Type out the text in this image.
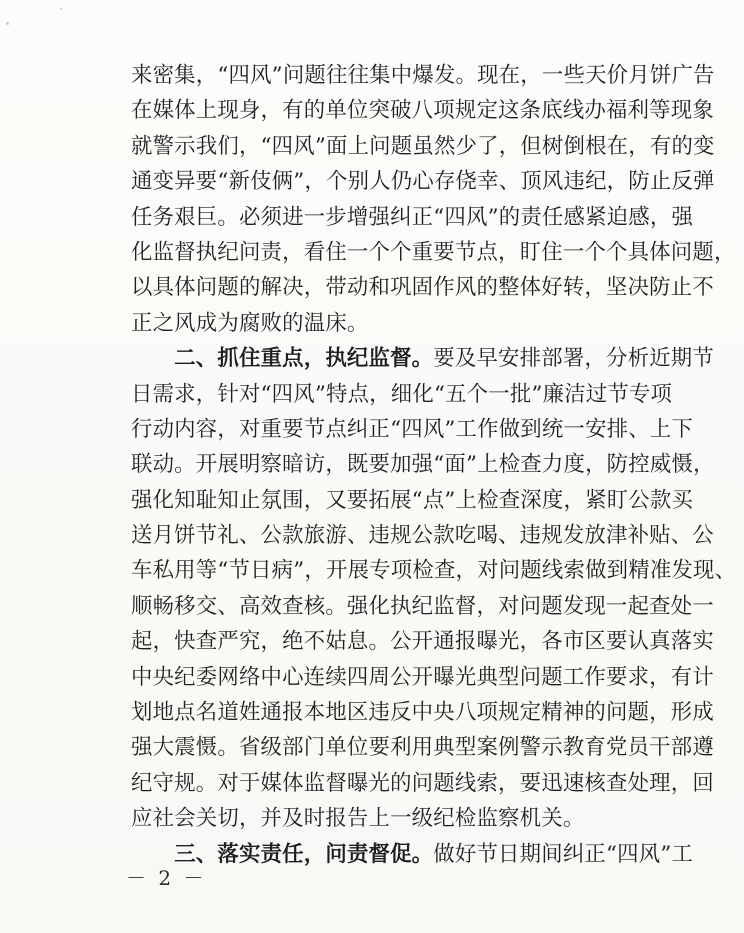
来密集，“四风”问题往往集中爆发。现在，一些天价月饼广告
在媒体上现身，有的单位突破八项规定这条底线办福利等现象
就警示我们，“四风”面上问题虽然少了，但树倒根在，有的变
通变异要“新伎俩”，个别人仍心存侥幸、顶风违纪，防止反弹
任务艰巨。必须进一步增强纠正“四风”的责任感紧迫感，强
化监督执纪问责，看住一个个重要节点，盯住一个个具体问题，
以具体问题的解决，带动和巩固作风的整体好转，坚决防止不
正之风成为腐败的温床。
　　二、抓住重点，执纪监督。要及早安排部署，分析近期节
日需求，针对“四风”特点，细化“五个一批”廉洁过节专项
行动内容，对重要节点纠正“四风”工作做到统一安排、上下
联动。开展明察暗访，既要加强“面”上检查力度，防控威慑，
强化知耻知止氛围，又要拓展“点”上检查深度，紧盯公款买
送月饼节礼、公款旅游、违规公款吃喝、违规发放津补贴、公
车私用等“节日病”，开展专项检查，对问题线索做到精准发现、
顺畅移交、高效查核。强化执纪监督，对问题发现一起查处一
起，快查严究，绝不姑息。公开通报曝光，各市区要认真落实
中央纪委网络中心连续四周公开曝光典型问题工作要求，有计
划地点名道姓通报本地区违反中央八项规定精神的问题，形成
强大震慑。省级部门单位要利用典型案例警示教育党员干部遵
纪守规。对于媒体监督曝光的问题线索，要迅速核查处理，回
应社会关切，并及时报告上一级纪检监察机关。
　　三、落实责任，问责督促。做好节日期间纠正“四风”工
－ 2 －
